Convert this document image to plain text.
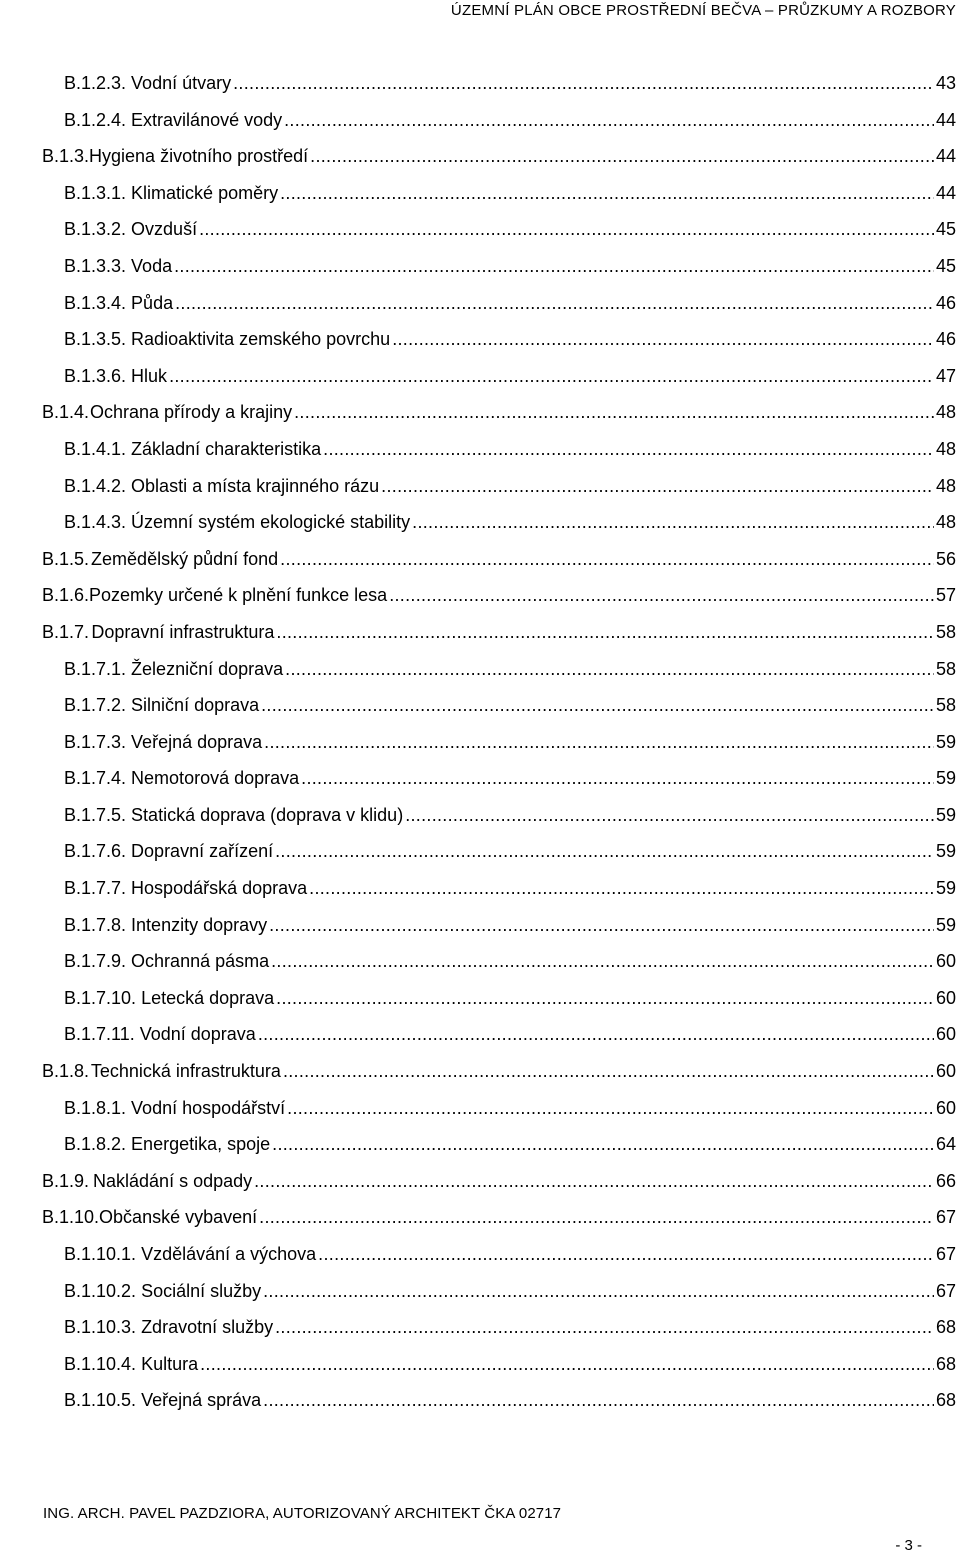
ÚZEMNÍ PLÁN OBCE PROSTŘEDNÍ BEČVA – PRŮZKUMY A ROZBORY
B.1.2.3. Vodní útvary .....	43
B.1.2.4. Extravilánové vody .....	44
B.1.3. Hygiena životního prostředí .....	44
B.1.3.1. Klimatické poměry .....	44
B.1.3.2. Ovzduší .....	45
B.1.3.3. Voda .....	45
B.1.3.4. Půda .....	46
B.1.3.5. Radioaktivita zemského povrchu .....	46
B.1.3.6. Hluk .....	47
B.1.4. Ochrana přírody a krajiny .....	48
B.1.4.1. Základní charakteristika .....	48
B.1.4.2. Oblasti a místa krajinného rázu .....	48
B.1.4.3. Územní systém ekologické stability .....	48
B.1.5. Zemědělský půdní fond .....	56
B.1.6. Pozemky určené k plnění funkce lesa .....	57
B.1.7. Dopravní infrastruktura .....	58
B.1.7.1. Železniční doprava .....	58
B.1.7.2. Silniční doprava .....	58
B.1.7.3. Veřejná doprava .....	59
B.1.7.4. Nemotorová doprava .....	59
B.1.7.5. Statická doprava (doprava v klidu) .....	59
B.1.7.6. Dopravní zařízení .....	59
B.1.7.7. Hospodářská doprava .....	59
B.1.7.8. Intenzity dopravy .....	59
B.1.7.9. Ochranná pásma .....	60
B.1.7.10. Letecká doprava .....	60
B.1.7.11. Vodní doprava .....	60
B.1.8. Technická infrastruktura .....	60
B.1.8.1. Vodní hospodářství .....	60
B.1.8.2. Energetika, spoje .....	64
B.1.9. Nakládání s odpady .....	66
B.1.10. Občanské vybavení .....	67
B.1.10.1. Vzdělávání a výchova .....	67
B.1.10.2. Sociální služby .....	67
B.1.10.3. Zdravotní služby .....	68
B.1.10.4. Kultura .....	68
B.1.10.5. Veřejná správa .....	68
ING. ARCH. PAVEL PAZDZIORA, AUTORIZOVANÝ ARCHITEKT ČKA 02717
- 3 -
